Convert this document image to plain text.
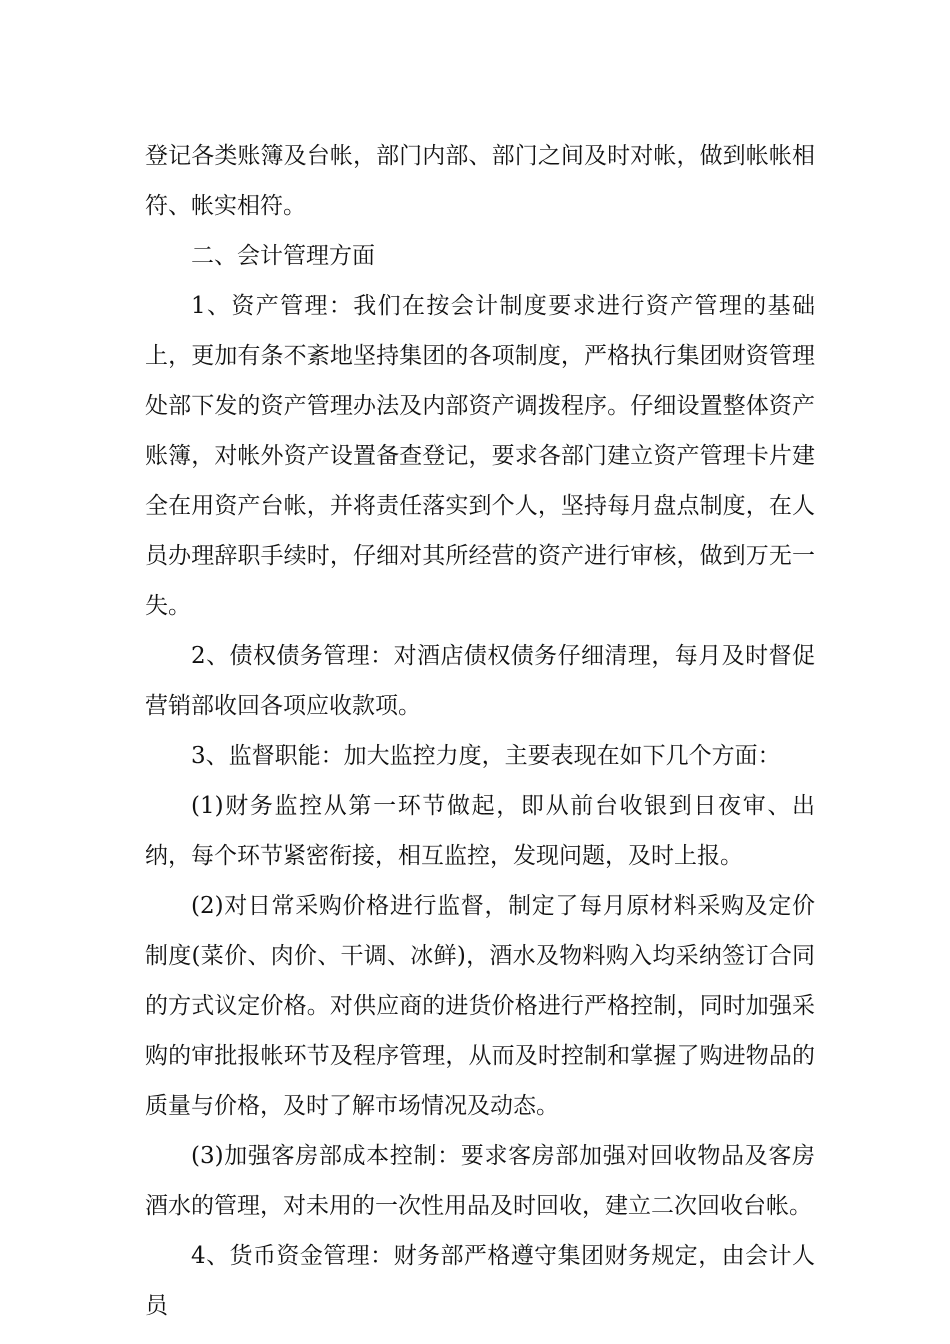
登记各类账簿及台帐，部门内部、部门之间及时对帐，做到帐帐相符、帐实相符。

二、会计管理方面

1、资产管理：我们在按会计制度要求进行资产管理的基础上，更加有条不紊地坚持集团的各项制度，严格执行集团财资管理处部下发的资产管理办法及内部资产调拨程序。仔细设置整体资产账簿，对帐外资产设置备查登记，要求各部门建立资产管理卡片建全在用资产台帐，并将责任落实到个人，坚持每月盘点制度，在人员办理辞职手续时，仔细对其所经营的资产进行审核，做到万无一失。

2、债权债务管理：对酒店债权债务仔细清理，每月及时督促营销部收回各项应收款项。

3、监督职能：加大监控力度，主要表现在如下几个方面：

(1)财务监控从第一环节做起，即从前台收银到日夜审、出纳，每个环节紧密衔接，相互监控，发现问题，及时上报。

(2)对日常采购价格进行监督，制定了每月原材料采购及定价制度(菜价、肉价、干调、冰鲜)，酒水及物料购入均采纳签订合同的方式议定价格。对供应商的进货价格进行严格控制，同时加强采购的审批报帐环节及程序管理，从而及时控制和掌握了购进物品的质量与价格，及时了解市场情况及动态。

(3)加强客房部成本控制：要求客房部加强对回收物品及客房酒水的管理，对未用的一次性用品及时回收，建立二次回收台帐。

4、货币资金管理：财务部严格遵守集团财务规定，由会计人员
